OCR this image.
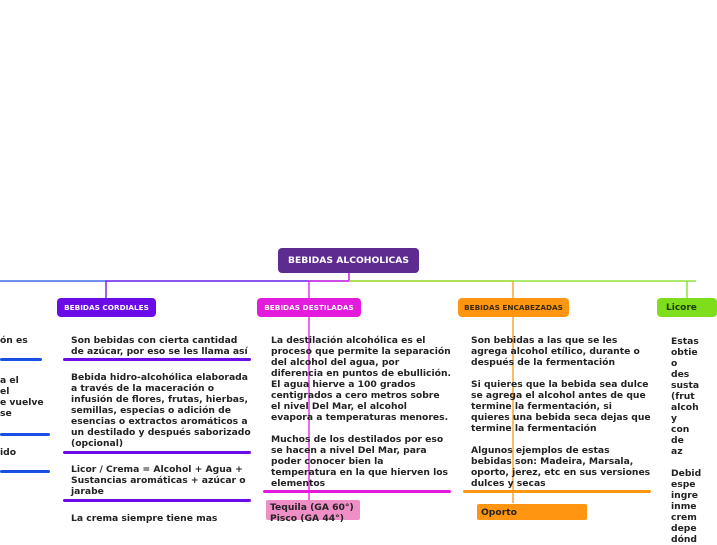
BEBIDAS ALCOHOLICAS
BEBIDAS CORDIALES	BEBIDAS DESTILADAS	BEBIDAS ENCABEZADAS	Licore
ón es
a el
el
e vuelve
se
ido
Son bebidas con cierta cantidad
de azúcar, por eso se les llama así
Bebida hidro-alcohólica elaborada
a través de la maceración o
infusión de flores, frutas, hierbas,
semillas, especias o adición de
esencias o extractos aromáticos a
un destilado y después saborizado
(opcional)
Licor / Crema = Alcohol + Agua +
Sustancias aromáticas + azúcar o
jarabe
La crema siempre tiene mas
La destilación alcohólica es el
proceso que permite la separación
del alcohol del agua, por
diferencia en puntos de ebullición.
El agua hierve a 100 grados
centigrados a cero metros sobre
el nivel Del Mar, el alcohol
evapora a temperaturas menores.
Muchos de los destilados por eso
se hacen a nivel Del Mar, para
poder conocer bien la
temperatura en la que hierven los
elementos
Tequila (GA 60°)
Pisco (GA 44°)
Son bebidas a las que se les
agrega alcohol etílico, durante o
después de la fermentación
Si quieres que la bebida sea dulce
se agrega el alcohol antes de que
termine la fermentación, si
quieres una bebida seca dejas que
termine la fermentación
Algunos ejemplos de estas
bebidas son: Madeira, Marsala,
oporto, jerez, etc en sus versiones
dulces y secas
Oporto
Estas
obtie
o des
susta
(frut
alcoh
y con
de az
Debid
espe
ingre
inme
crem
depe
dónd
